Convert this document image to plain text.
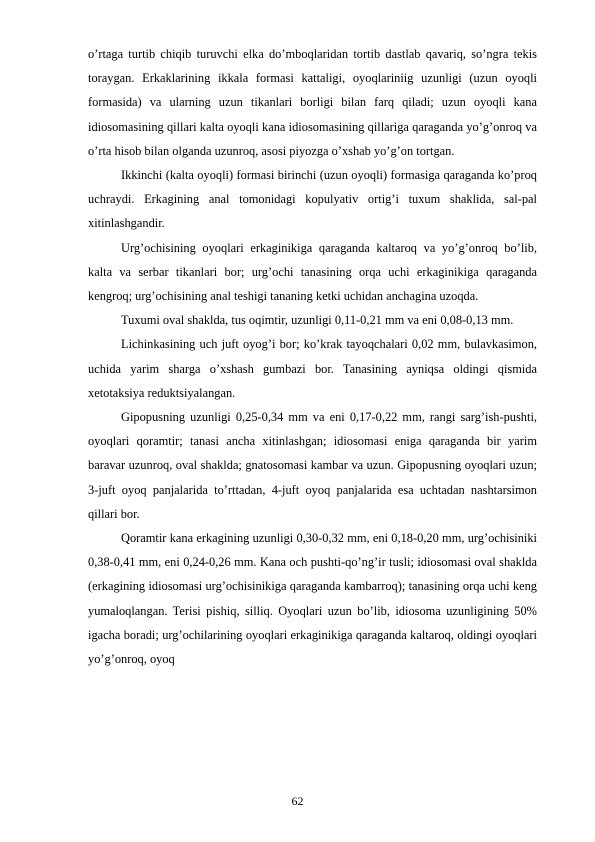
o’rtaga turtib chiqib turuvchi elka do’mboqlaridan tortib dastlab qavariq, so’ngra tekis toraygan. Erkaklarining ikkala formasi kattaligi, oyoqlariniig uzunligi (uzun oyoqli formasida) va ularning uzun tikanlari borligi bilan farq qiladi; uzun oyoqli kana idiosomasining qillari kalta oyoqli kana idiosomasining qillariga qaraganda yo’g’onroq va o’rta hisob bilan olganda uzunroq, asosi piyozga o’xshab yo’g’on tortgan.

Ikkinchi (kalta oyoqli) formasi birinchi (uzun oyoqli) formasiga qaraganda ko’proq uchraydi. Erkagining anal tomonidagi kopulyativ ortig’i tuxum shaklida, sal-pal xitinlashgandir.

Urg’ochisining oyoqlari erkaginikiga qaraganda kaltaroq va yo’g’onroq bo’lib, kalta va serbar tikanlari bor; urg’ochi tanasining orqa uchi erkaginikiga qaraganda kengroq; urg’ochisining anal teshigi tananing ketki uchidan anchagina uzoqda.

Tuxumi oval shaklda, tus oqimtir, uzunligi 0,11-0,21 mm va eni 0,08-0,13 mm.

Lichinkasining uch juft oyog’i bor; ko’krak tayoqchalari 0,02 mm, bulavkasimon, uchida yarim sharga o’xshash gumbazi bor. Tanasining ayniqsa oldingi qismida xetotaksiya reduktsiyalangan.

Gipopusning uzunligi 0,25-0,34 mm va eni 0,17-0,22 mm, rangi sarg’ish-pushti, oyoqlari qoramtir; tanasi ancha xitinlashgan; idiosomasi eniga qaraganda bir yarim baravar uzunroq, oval shaklda; gnatosomasi kambar va uzun. Gipopusning oyoqlari uzun; 3-juft oyoq panjalarida to’rttadan, 4-juft oyoq panjalarida esa uchtadan nashtarsimon qillari bor.

Qoramtir kana erkagining uzunligi 0,30-0,32 mm, eni 0,18-0,20 mm, urg’ochisiniki 0,38-0,41 mm, eni 0,24-0,26 mm. Kana och pushti-qo’ng’ir tusli; idiosomasi oval shaklda (erkagining idiosomasi urg’ochisinikiga qaraganda kambarroq); tanasining orqa uchi keng yumaloqlangan. Terisi pishiq, silliq. Oyoqlari uzun bo’lib, idiosoma uzunligining 50% igacha boradi; urg’ochilarining oyoqlari erkaginikiga qaraganda kaltaroq, oldingi oyoqlari yo’g’onroq, oyoq

62
